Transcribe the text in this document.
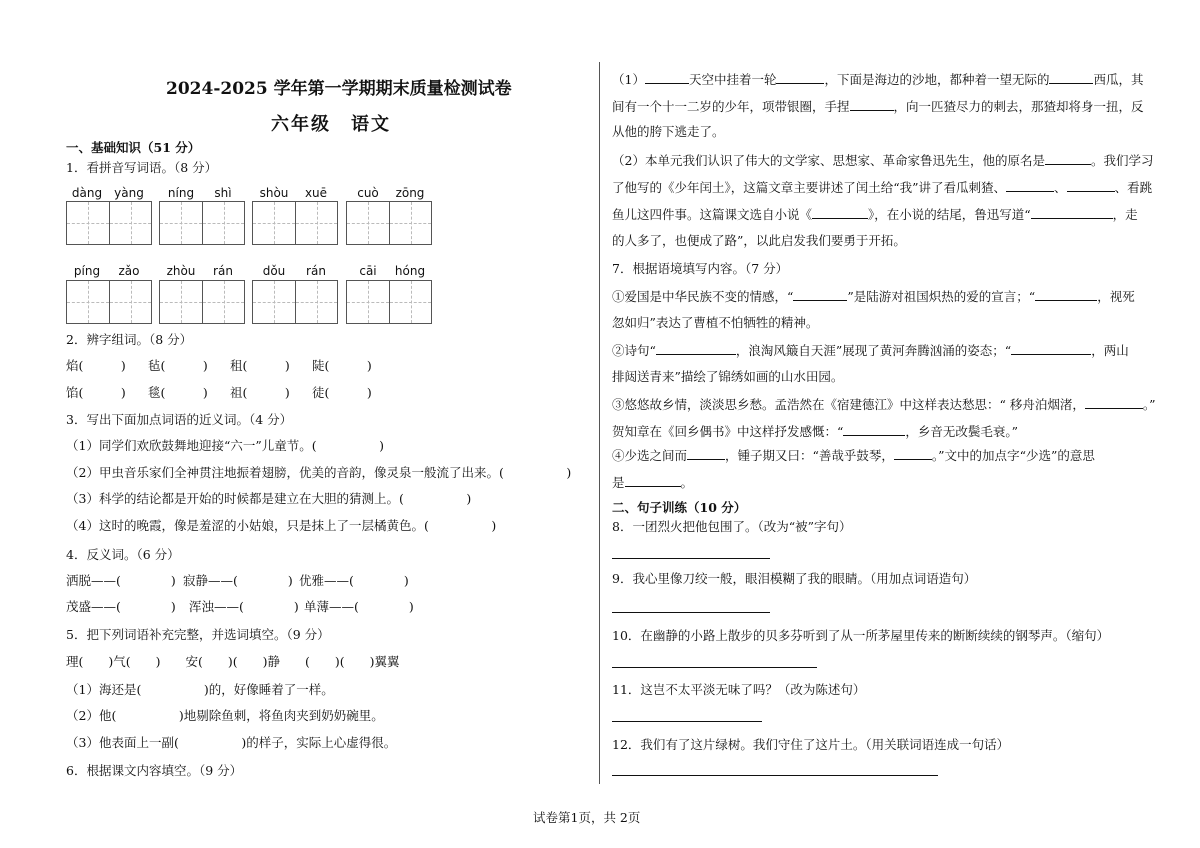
2024-2025 学年第一学期期末质量检测试卷
六年级　语文
一、基础知识（51 分）
1．看拼音写词语。（8 分）
dàng	yàng	níng	shì	shòu	xuē	cuò	zōng
píng	zǎo	zhòu	rán	dǒu	rán	cāi	hóng
2．辨字组词。（8 分）
焰(　　　) 毡(　　　) 租(　　　) 陡(　　　)
馅(　　　) 毯(　　　) 祖(　　　) 徒(　　　)
3．写出下面加点词语的近义词。（4 分）
（1）同学们欢欣鼓舞地迎接“六一”儿童节。(　　　　　)
（2）甲虫音乐家们全神贯注地振着翅膀，优美的音韵，像灵泉一般流了出来。(　　　　　)
（3）科学的结论都是开始的时候都是建立在大胆的猜测上。(　　　　　)
（4）这时的晚霞，像是羞涩的小姑娘，只是抹上了一层橘黄色。(　　　　　)
4．反义词。（6 分）
洒脱——(　　　　) 寂静——(　　　　) 优雅——(　　　　)
茂盛——(　　　　) 浑浊——(　　　　) 单薄——(　　　　)
5．把下列词语补充完整，并选词填空。（9 分）
理(　　)气(　　)　　安(　　)(　　)静　　(　　)(　　)翼翼
（1）海还是(　　　　　)的，好像睡着了一样。
（2）他(　　　　　)地剔除鱼刺，将鱼肉夹到奶奶碗里。
（3）他表面上一副(　　　　　)的样子，实际上心虚得很。
6．根据课文内容填空。（9 分）
（1）	天空中挂着一轮	，下面是海边的沙地，都种着一望无际的	西瓜，其
间有一个十一二岁的少年，项带银圈，手捏	，向一匹猹尽力的刺去，那猹却将身一扭，反
从他的胯下逃走了。
（2）本单元我们认识了伟大的文学家、思想家、革命家鲁迅先生，他的原名是	。我们学习
了他写的《少年闰土》，这篇文章主要讲述了闰土给“我”讲了看瓜刺猹、	、	、看跳
鱼儿这四件事。这篇课文选自小说《	》，在小说的结尾，鲁迅写道“	，走
的人多了，也便成了路”，以此启发我们要勇于开拓。
7．根据语境填写内容。（7 分）
①爱国是中华民族不变的情感，“	”是陆游对祖国炽热的爱的宣言；“	，视死
忽如归”表达了曹植不怕牺牲的精神。
②诗句“	，浪淘风簸自天涯”展现了黄河奔腾汹涌的姿态；“	，两山
排闼送青来”描绘了锦绣如画的山水田园。
③悠悠故乡情，淡淡思乡愁。孟浩然在《宿建德江》中这样表达愁思：“ 移舟泊烟渚，	。”
贺知章在《回乡偶书》中这样抒发感慨：“	，乡音无改鬓毛衰。”
④少选之间而	，锺子期又曰：“善哉乎鼓琴，	。”文中的加点字“少选”的意思
是	。
二、句子训练（10 分）
8．一团烈火把他包围了。（改为“被”字句）
9．我心里像刀绞一般，眼泪模糊了我的眼睛。（用加点词语造句）
10．在幽静的小路上散步的贝多芬听到了从一所茅屋里传来的断断续续的钢琴声。（缩句）
11．这岂不太平淡无味了吗？（改为陈述句）
12．我们有了这片绿树。我们守住了这片土。（用关联词语连成一句话）
试卷第1页，共 2页
